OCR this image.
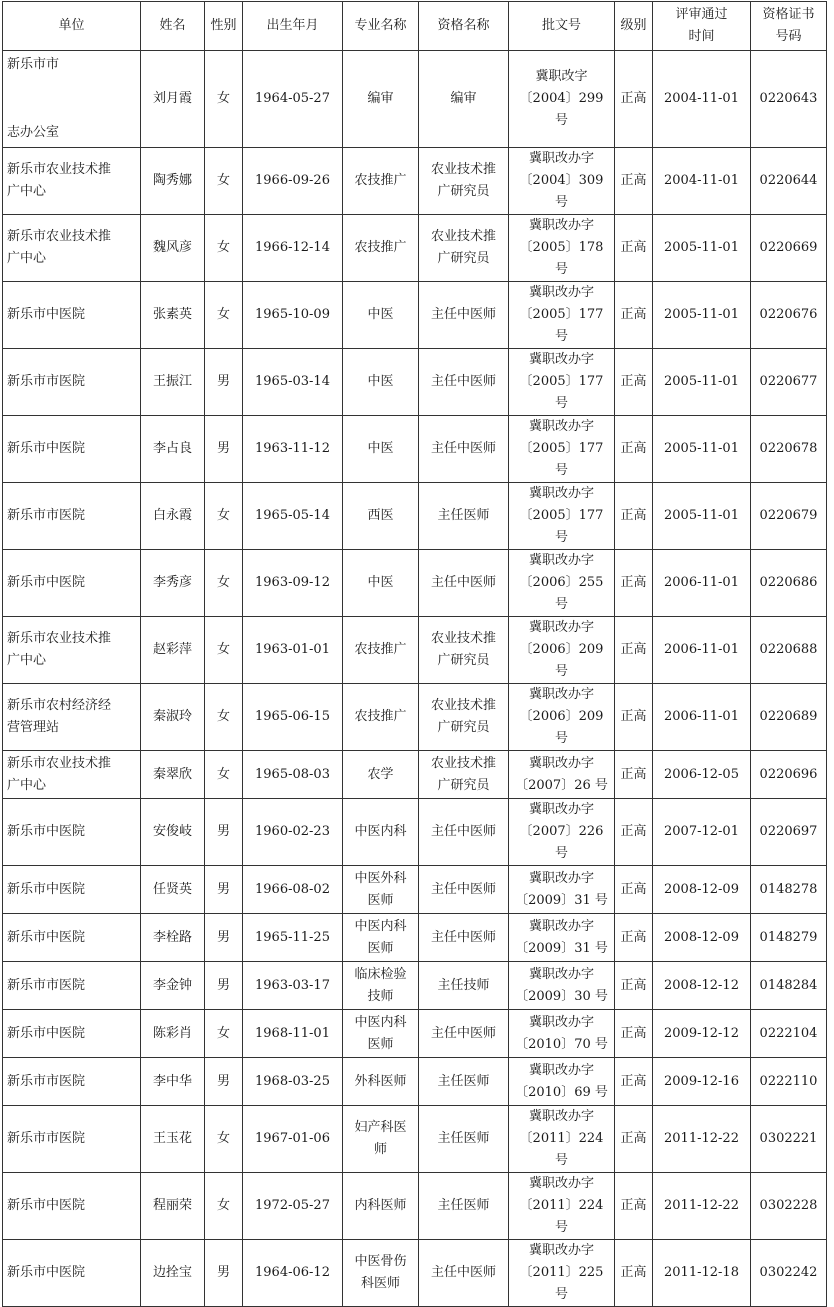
单位	姓名	性别	出生年月	专业名称	资格名称	批文号	级别	评审通过
时间	资格证书
号码

新乐市市
志办公室	刘月霞	女	1964-05-27	编审	编审	冀职改字
〔2004〕299 号	正高	2004-11-01	0220643

新乐市农业技术推
广中心	陶秀娜	女	1966-09-26	农技推广	农业技术推
广研究员	冀职改办字
〔2004〕309 号	正高	2004-11-01	0220644

新乐市农业技术推
广中心	魏风彦	女	1966-12-14	农技推广	农业技术推
广研究员	冀职改办字
〔2005〕178 号	正高	2005-11-01	0220669

新乐市中医院	张素英	女	1965-10-09	中医	主任中医师	冀职改办字
〔2005〕177 号	正高	2005-11-01	0220676

新乐市市医院	王振江	男	1965-03-14	中医	主任中医师	冀职改办字
〔2005〕177 号	正高	2005-11-01	0220677

新乐市中医院	李占良	男	1963-11-12	中医	主任中医师	冀职改办字
〔2005〕177 号	正高	2005-11-01	0220678

新乐市市医院	白永霞	女	1965-05-14	西医	主任医师	冀职改办字
〔2005〕177 号	正高	2005-11-01	0220679

新乐市中医院	李秀彦	女	1963-09-12	中医	主任中医师	冀职改办字
〔2006〕255 号	正高	2006-11-01	0220686

新乐市农业技术推
广中心	赵彩萍	女	1963-01-01	农技推广	农业技术推
广研究员	冀职改办字
〔2006〕209 号	正高	2006-11-01	0220688

新乐市农村经济经
营管理站	秦淑玲	女	1965-06-15	农技推广	农业技术推
广研究员	冀职改办字
〔2006〕209 号	正高	2006-11-01	0220689

新乐市农业技术推
广中心	秦翠欣	女	1965-08-03	农学	农业技术推
广研究员	冀职改办字
〔2007〕26 号	正高	2006-12-05	0220696

新乐市中医院	安俊岐	男	1960-02-23	中医内科	主任中医师	冀职改办字
〔2007〕226 号	正高	2007-12-01	0220697

新乐市中医院	任贤英	男	1966-08-02	中医外科
医师	主任中医师	冀职改办字
〔2009〕31 号	正高	2008-12-09	0148278

新乐市中医院	李栓路	男	1965-11-25	中医内科
医师	主任中医师	冀职改办字
〔2009〕31 号	正高	2008-12-09	0148279

新乐市市医院	李金钟	男	1963-03-17	临床检验
技师	主任技师	冀职改办字
〔2009〕30 号	正高	2008-12-12	0148284

新乐市中医院	陈彩肖	女	1968-11-01	中医内科
医师	主任中医师	冀职改办字
〔2010〕70 号	正高	2009-12-12	0222104

新乐市市医院	李中华	男	1968-03-25	外科医师	主任医师	冀职改办字
〔2010〕69 号	正高	2009-12-16	0222110

新乐市市医院	王玉花	女	1967-01-06	妇产科医
师	主任医师	冀职改办字
〔2011〕224 号	正高	2011-12-22	0302221

新乐市中医院	程丽荣	女	1972-05-27	内科医师	主任医师	冀职改办字
〔2011〕224 号	正高	2011-12-22	0302228

新乐市中医院	边拴宝	男	1964-06-12	中医骨伤
科医师	主任中医师	冀职改办字
〔2011〕225 号	正高	2011-12-18	0302242
